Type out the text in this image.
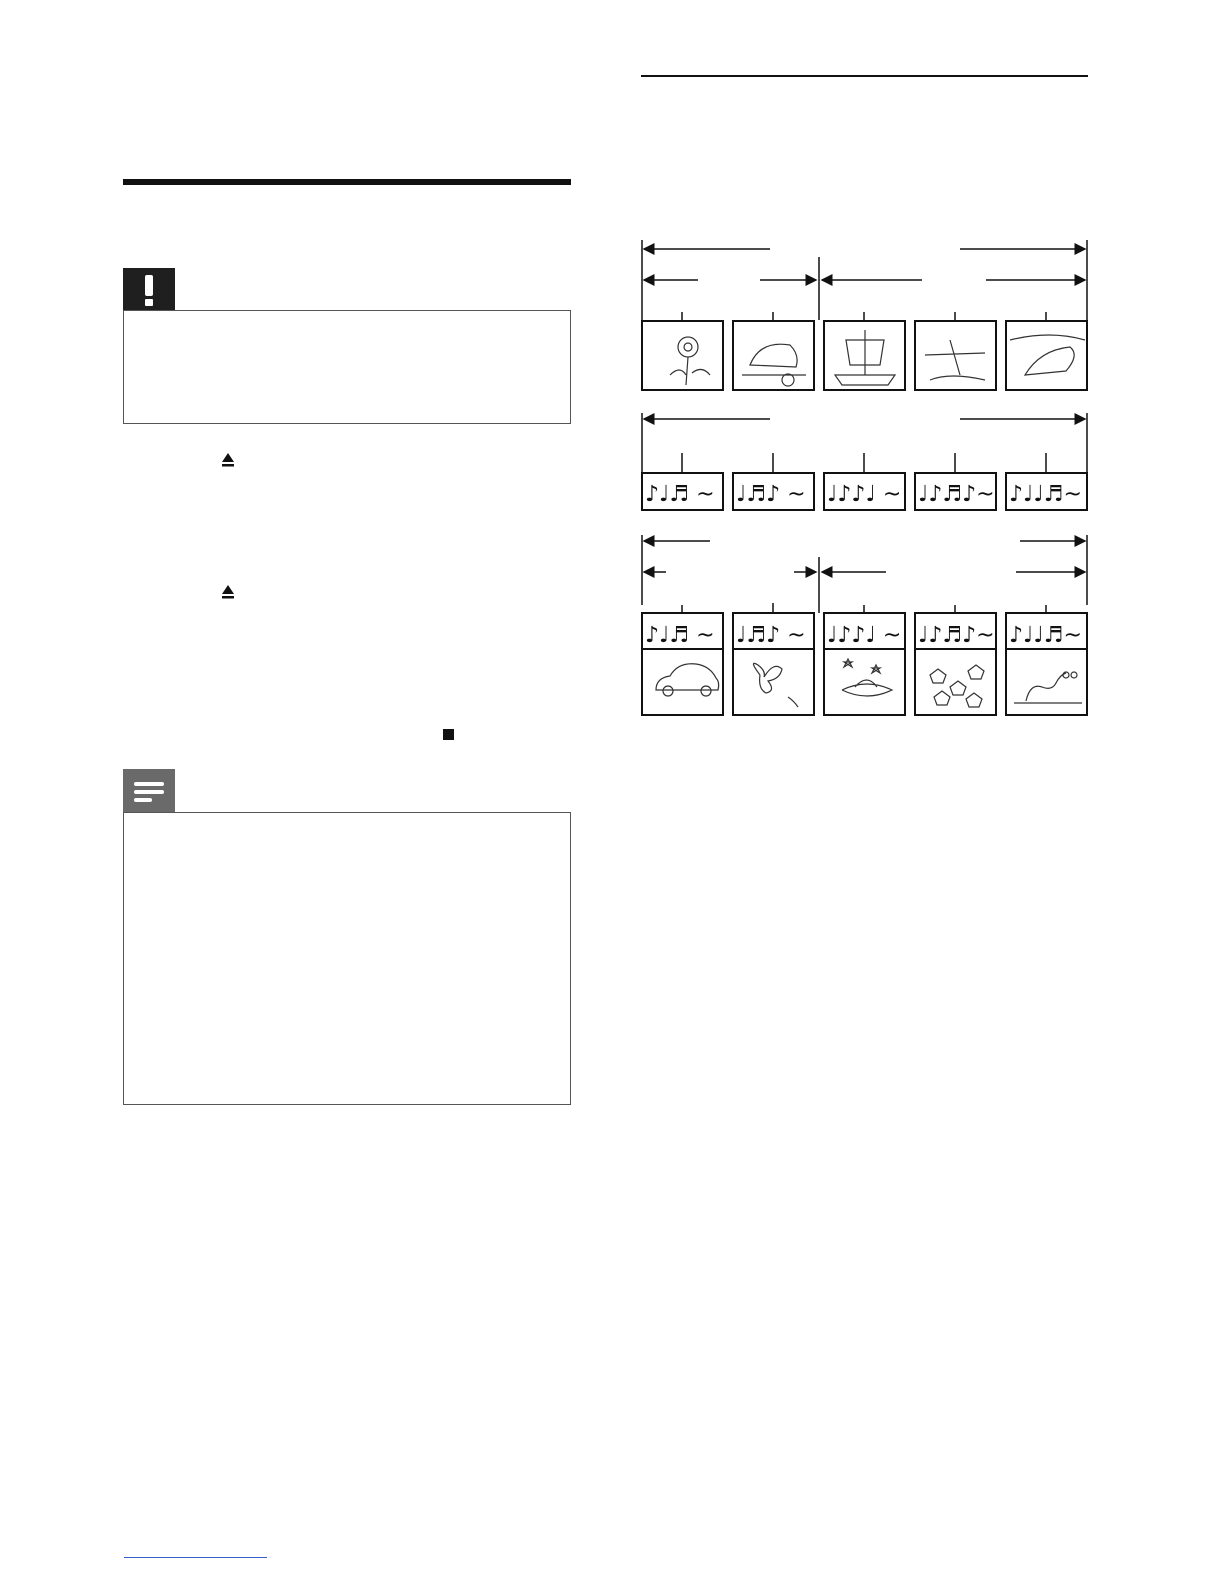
♪♩♬ ~ ♩♬♪ ~ ♩♪♪♩ ~ ♩♪♬♪~ ♪♩♩♬~
♪♩♬ ~ ♩♬♪ ~ ♩♪♪♩ ~ ♩♪♬♪~ ♪♩♩♬~
